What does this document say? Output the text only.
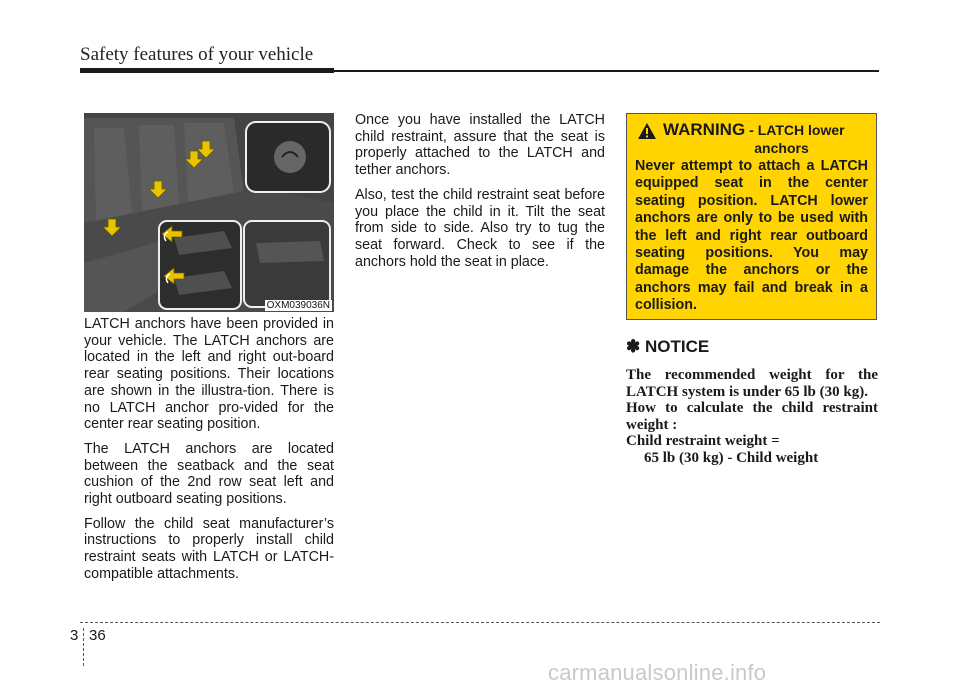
Safety features of your vehicle
OXM039036N

LATCH anchors have been provided in your vehicle. The LATCH anchors are located in the left and right out-board rear seating positions. Their locations are shown in the illustra-tion. There is no LATCH anchor pro-vided for the center rear seating position.

The LATCH anchors are located between the seatback and the seat cushion of the 2nd row seat left and right outboard seating positions.

Follow the child seat manufacturer’s instructions to properly install child restraint seats with LATCH or LATCH-compatible attachments.

Once you have installed the LATCH child restraint, assure that the seat is properly attached to the LATCH and tether anchors.

Also, test the child restraint seat before you place the child in it. Tilt the seat from side to side. Also try to tug the seat forward. Check to see if the anchors hold the seat in place.

WARNING - LATCH lower
anchors
Never attempt to attach a LATCH equipped seat in the center seating position. LATCH lower anchors are only to be used with the left and right rear outboard seating positions. You may damage the anchors or the anchors may fail and break in a collision.
✽ NOTICE

The recommended weight for the LATCH system is under 65 lb (30 kg).

How to calculate the child restraint weight :

Child restraint weight =

65 lb (30 kg) - Child weight

3 36
carmanualsonline.info
